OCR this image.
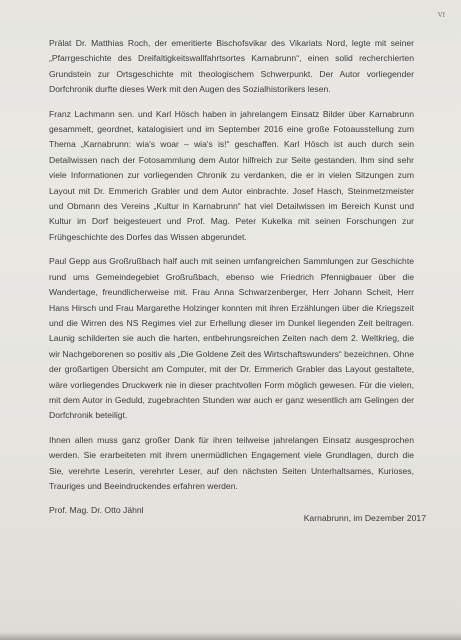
VI

Prälat Dr. Matthias Roch, der emeritierte Bischofsvikar des Vikariats Nord, legte mit seiner „Pfarrgeschichte des Dreifaltigkeitswallfahrtsortes Karnabrunn“, einen solid recherchierten Grundstein zur Ortsgeschichte mit theologischem Schwerpunkt. Der Autor vorliegender Dorfchronik durfte dieses Werk mit den Augen des Sozialhistorikers lesen.

Franz Lachmann sen. und Karl Hösch haben in jahrelangem Einsatz Bilder über Karnabrunn gesammelt, geordnet, katalogisiert und im September 2016 eine große Fotoausstellung zum Thema „Karnabrunn: wia's woar – wia's is!“ geschaffen. Karl Hösch ist auch durch sein Detailwissen nach der Fotosammlung dem Autor hilfreich zur Seite gestanden. Ihm sind sehr viele Informationen zur vorliegenden Chronik zu verdanken, die er in vielen Sitzungen zum Layout mit Dr. Emmerich Grabler und dem Autor einbrachte. Josef Hasch, Steinmetzmeister und Obmann des Vereins „Kultur in Karnabrunn“ hat viel Detailwissen im Bereich Kunst und Kultur im Dorf beigesteuert und Prof. Mag. Peter Kukelka mit seinen Forschungen zur Frühgeschichte des Dorfes das Wissen abgerundet.

Paul Gepp aus Großrußbach half auch mit seinen umfangreichen Sammlungen zur Geschichte rund ums Gemeindegebiet Großrußbach, ebenso wie Friedrich Pfennigbauer über die Wandertage, freundlicherweise mit. Frau Anna Schwarzenberger, Herr Johann Scheit, Herr Hans Hirsch und Frau Margarethe Holzinger konnten mit ihren Erzählungen über die Kriegszeit und die Wirren des NS Regimes viel zur Erhellung dieser im Dunkel liegenden Zeit beitragen. Launig schilderten sie auch die harten, entbehrungsreichen Zeiten nach dem 2. Weltkrieg, die wir Nachgeborenen so positiv als „Die Goldene Zeit des Wirtschaftswunders“ bezeichnen. Ohne der großartigen Übersicht am Computer, mit der Dr. Emmerich Grabler das Layout gestaltete, wäre vorliegendes Druckwerk nie in dieser prachtvollen Form möglich gewesen. Für die vielen, mit dem Autor in Geduld, zugebrachten Stunden war auch er ganz wesentlich am Gelingen der Dorfchronik beteiligt.

Ihnen allen muss ganz großer Dank für ihren teilweise jahrelangen Einsatz ausgesprochen werden. Sie erarbeiteten mit ihrem unermüdlichen Engagement viele Grundlagen, durch die Sie, verehrte Leserin, verehrter Leser, auf den nächsten Seiten Unterhaltsames, Kurioses, Trauriges und Beeindruckendes erfahren werden.

Prof. Mag. Dr. Otto Jähnl
Karnabrunn, im Dezember 2017
